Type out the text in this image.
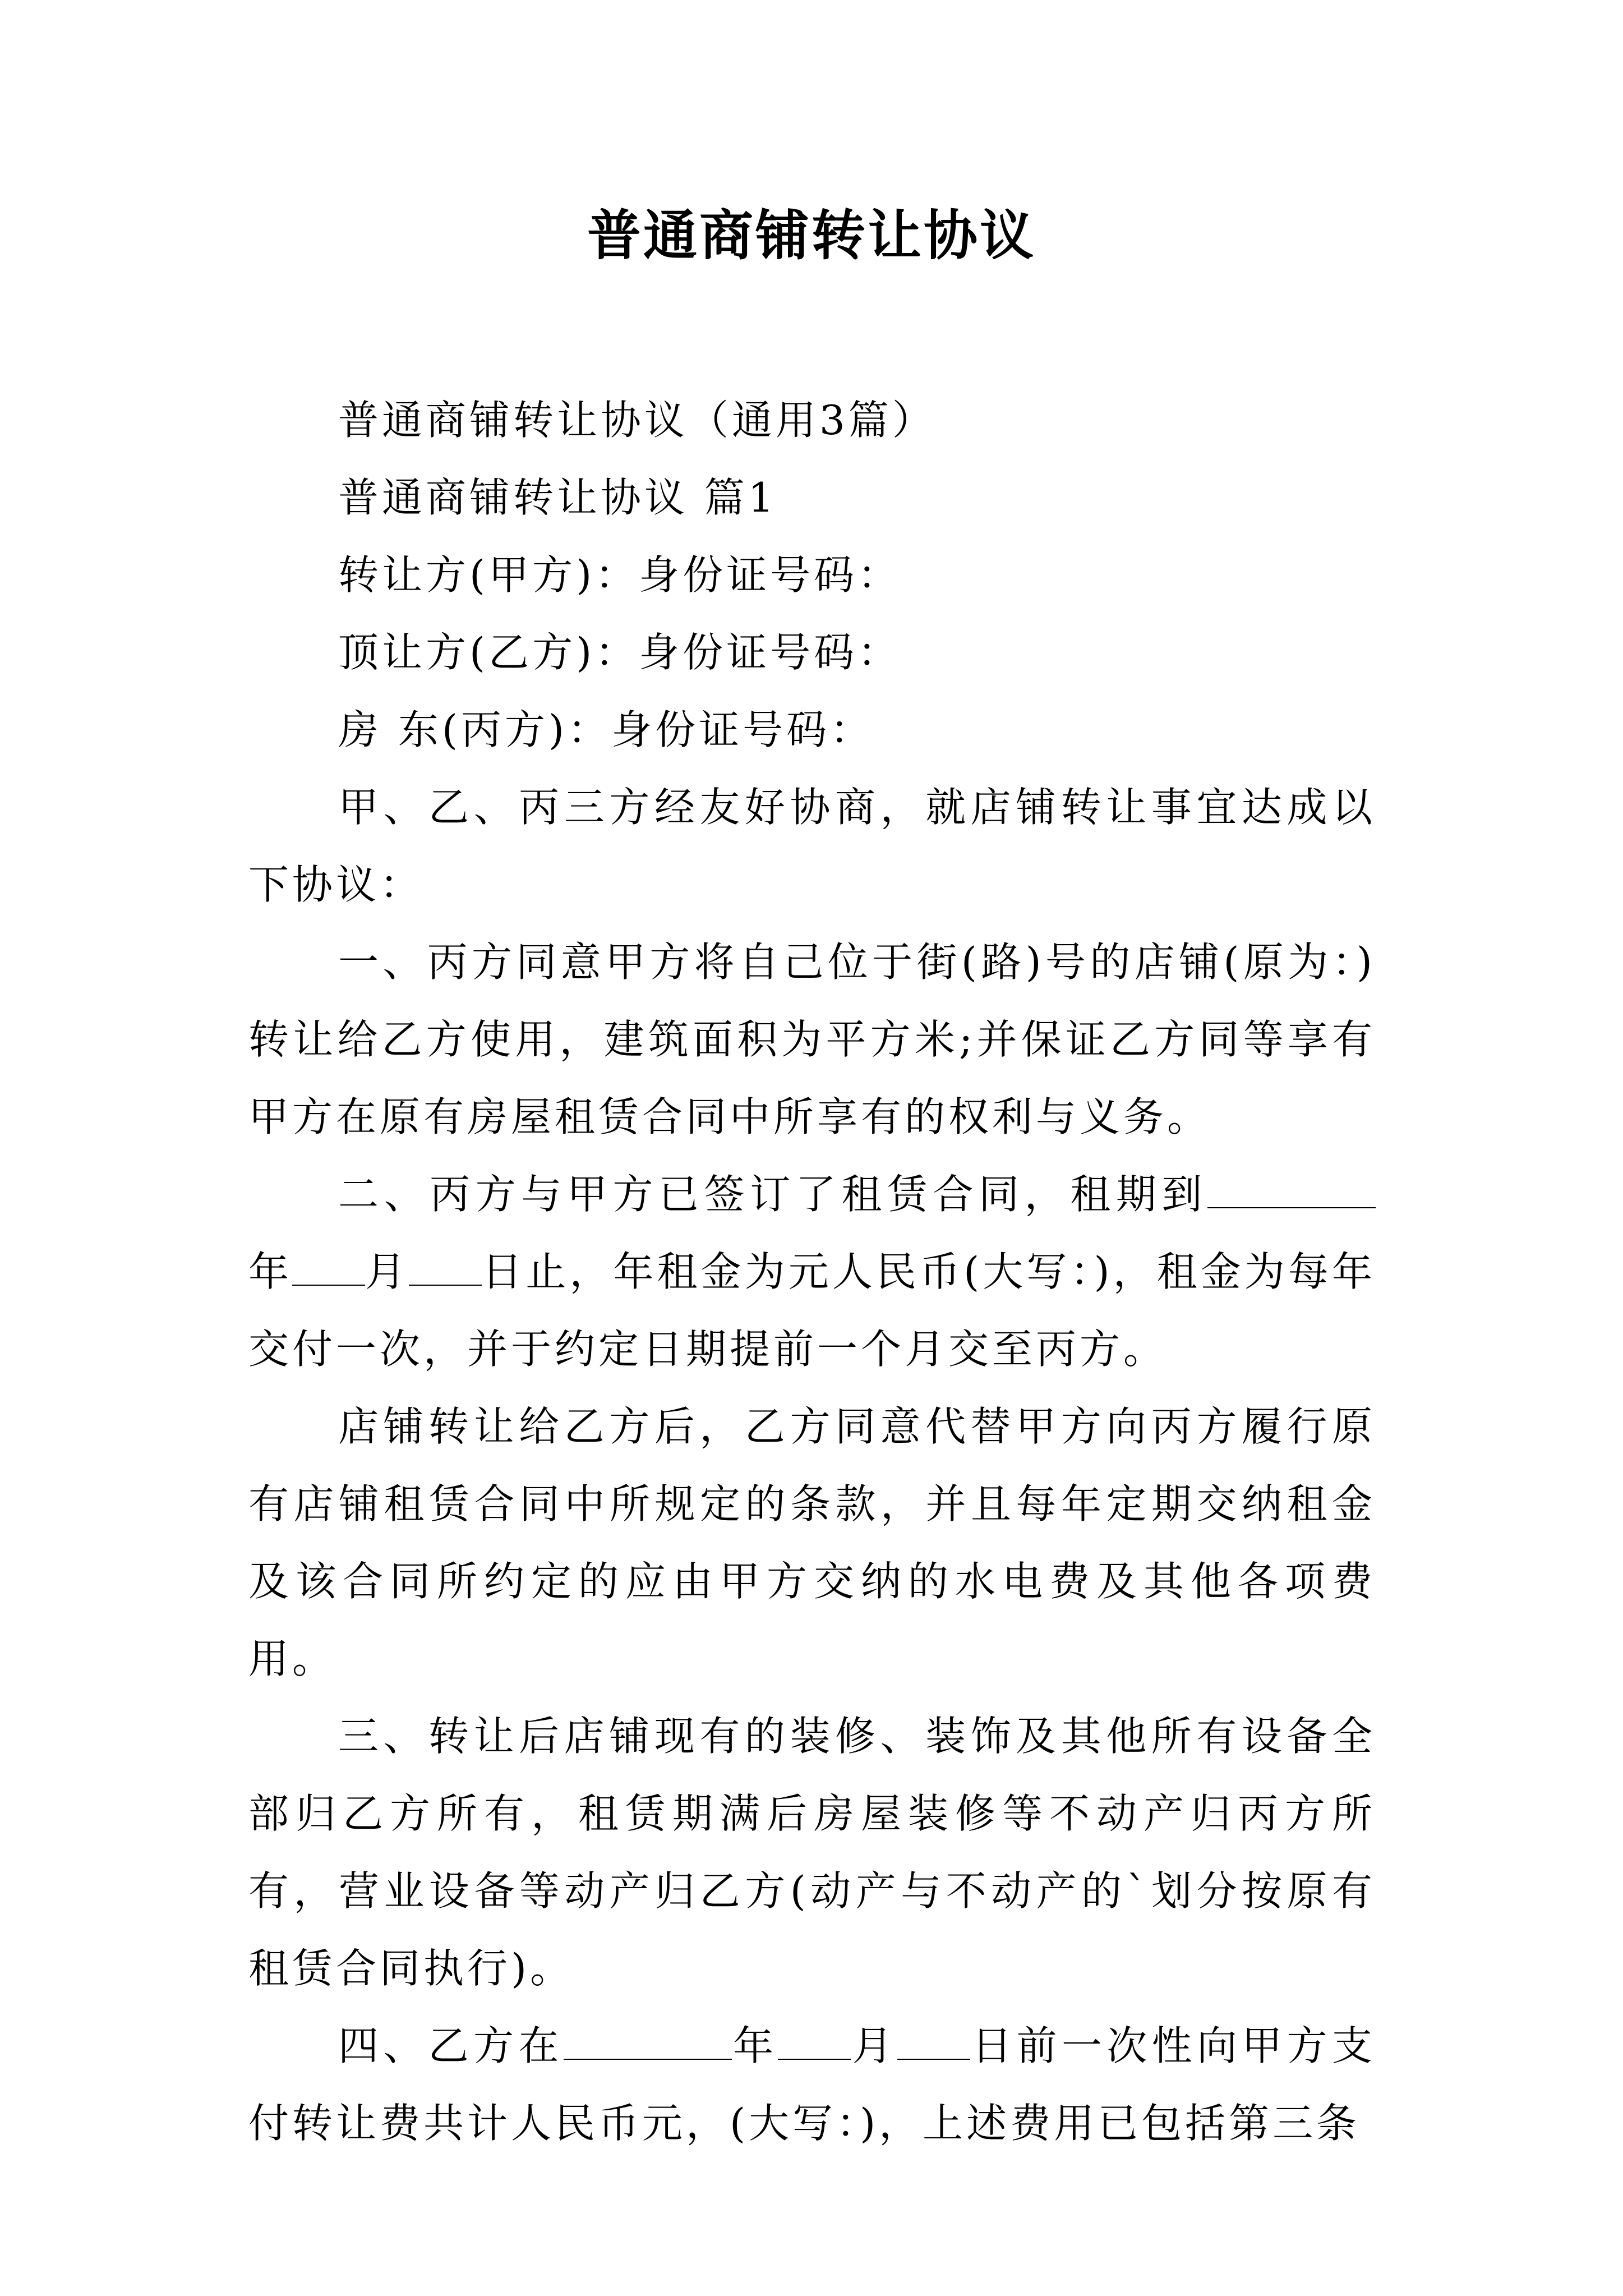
普通商铺转让协议

普通商铺转让协议（通用3篇）

普通商铺转让协议 篇1

转让方(甲方)：身份证号码：

顶让方(乙方)：身份证号码：

房 东(丙方)：身份证号码：

甲、乙、丙三方经友好协商，就店铺转让事宜达成以下协议：

一、丙方同意甲方将自己位于街(路)号的店铺(原为：)转让给乙方使用，建筑面积为平方米;并保证乙方同等享有甲方在原有房屋租赁合同中所享有的权利与义务。

二、丙方与甲方已签订了租赁合同，租期到年 月 日止，年租金为元人民币(大写：)，租金为每年交付一次，并于约定日期提前一个月交至丙方。

店铺转让给乙方后，乙方同意代替甲方向丙方履行原有店铺租赁合同中所规定的条款，并且每年定期交纳租金及该合同所约定的应由甲方交纳的水电费及其他各项费用。

三、转让后店铺现有的装修、装饰及其他所有设备全部归乙方所有，租赁期满后房屋装修等不动产归丙方所有，营业设备等动产归乙方(动产与不动产的`划分按原有租赁合同执行)。

四、乙方在	年 月 日前一次性向甲方支付转让费共计人民币元，(大写：)，上述费用已包括第三条
